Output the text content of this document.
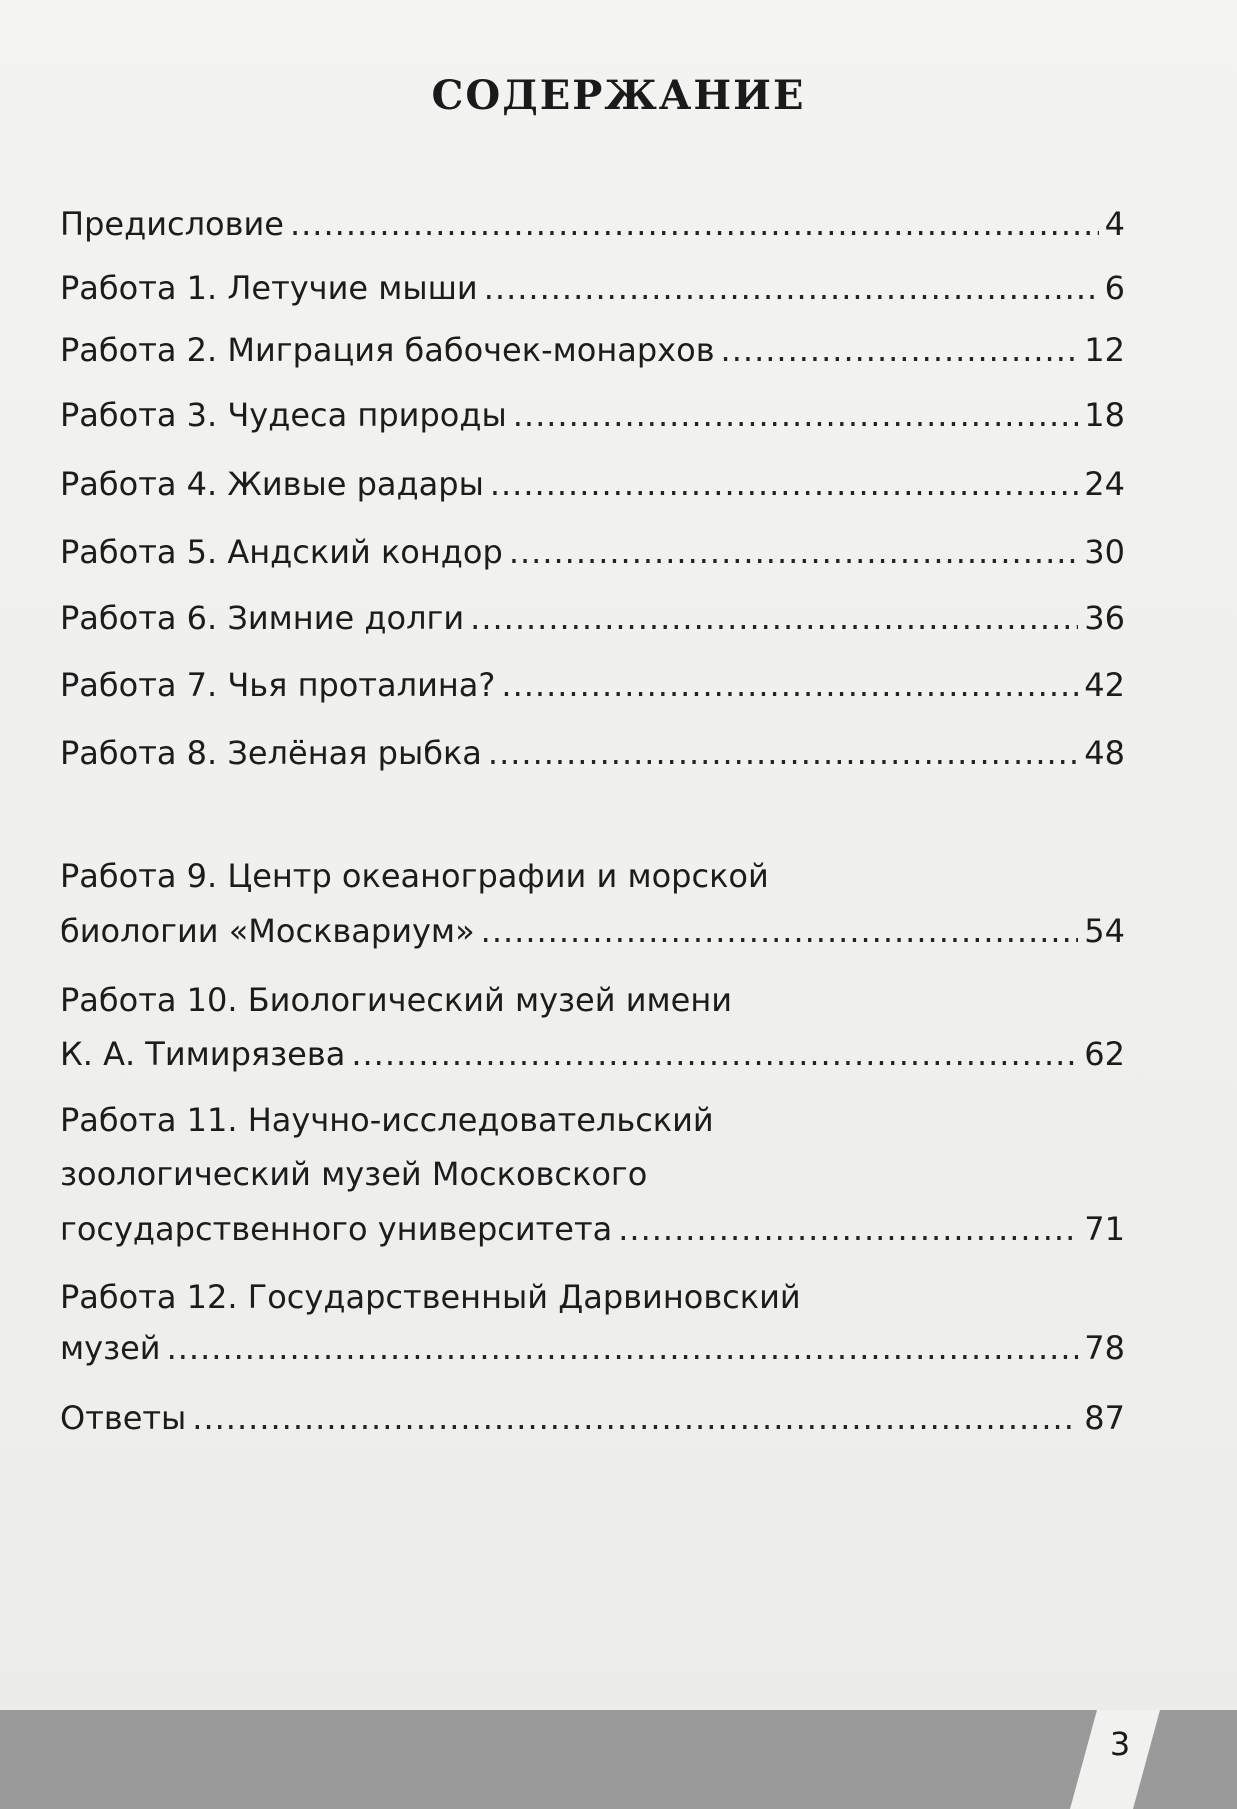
СОДЕРЖАНИЕ
Предисловие .....	4
Работа 1. Летучие мыши .....	6
Работа 2. Миграция бабочек-монархов .....	12
Работа 3. Чудеса природы .....	18
Работа 4. Живые радары .....	24
Работа 5. Андский кондор .....	30
Работа 6. Зимние долги .....	36
Работа 7. Чья проталина? .....	42
Работа 8. Зелёная рыбка .....	48
Работа 9. Центр океанографии и морской
биологии «Москвариум» .....	54
Работа 10. Биологический музей имени
К. А. Тимирязева .....	62
Работа 11. Научно-исследовательский
зоологический музей Московского
государственного университета .....	71
Работа 12. Государственный Дарвиновский
музей .....	78
Ответы .....	87
3
